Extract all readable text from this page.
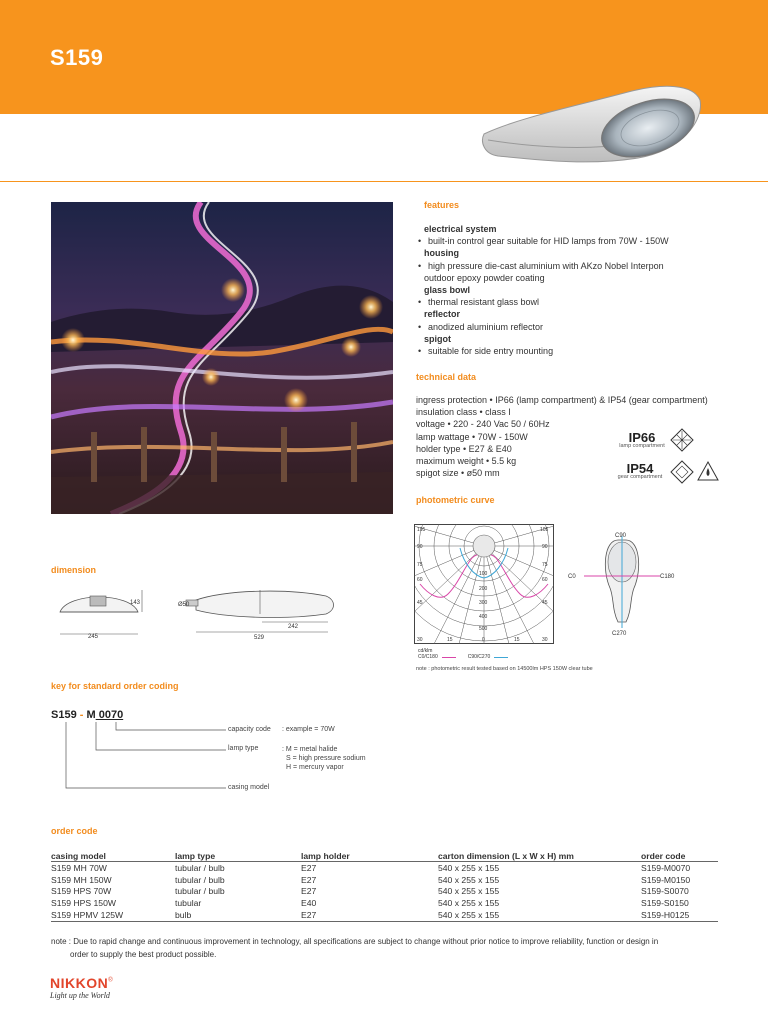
S159
features
electrical system
• built-in control gear suitable for HID lamps from 70W - 150W
housing
• high pressure die-cast aluminium with AKzo Nobel Interpon
outdoor epoxy powder coating
glass bowl
• thermal resistant glass bowl
reflector
• anodized aluminium reflector
spigot
• suitable for side entry mounting
technical data
ingress protection • IP66 (lamp compartment) & IP54 (gear compartment)
insulation class • class I
voltage • 220 - 240 Vac 50 / 60Hz
lamp wattage • 70W - 150W
holder type • E27 & E40
maximum weight • 5.5 kg
spigot size • ø50 mm
IP66
lamp compartment
IP54
gear compartment
photometric curve
105	105
90	90
75	75
60	60
45	45
30	30
15	0	15
100
200
300
400
500
cd/klm
C0/C180	C90/C270
note : photometric result tested based on 14500lm HPS 150W clear tube
C90
C0	C180
C270
dimension
245
143	Ø50
242
529
key for standard order coding
S159 - M 0070
capacity code : example = 70W
lamp type	: M = metal halide
S = high pressure sodium
H = mercury vapor
casing model
order code
casing model	lamp type	lamp holder	carton dimension (L x W x H) mm	order code
S159 MH 70W	tubular / bulb	E27	540 x 255 x 155	S159-M0070
S159 MH 150W	tubular / bulb	E27	540 x 255 x 155	S159-M0150
S159 HPS 70W	tubular / bulb	E27	540 x 255 x 155	S159-S0070
S159 HPS 150W	tubular	E40	540 x 255 x 155	S159-S0150
S159 HPMV 125W	bulb	E27	540 x 255 x 155	S159-H0125
note : Due to rapid change and continuous improvement in technology, all specifications are subject to change without prior notice to improve reliability, function or design in
order to supply the best product possible.
NIKKON®
Light up the World
